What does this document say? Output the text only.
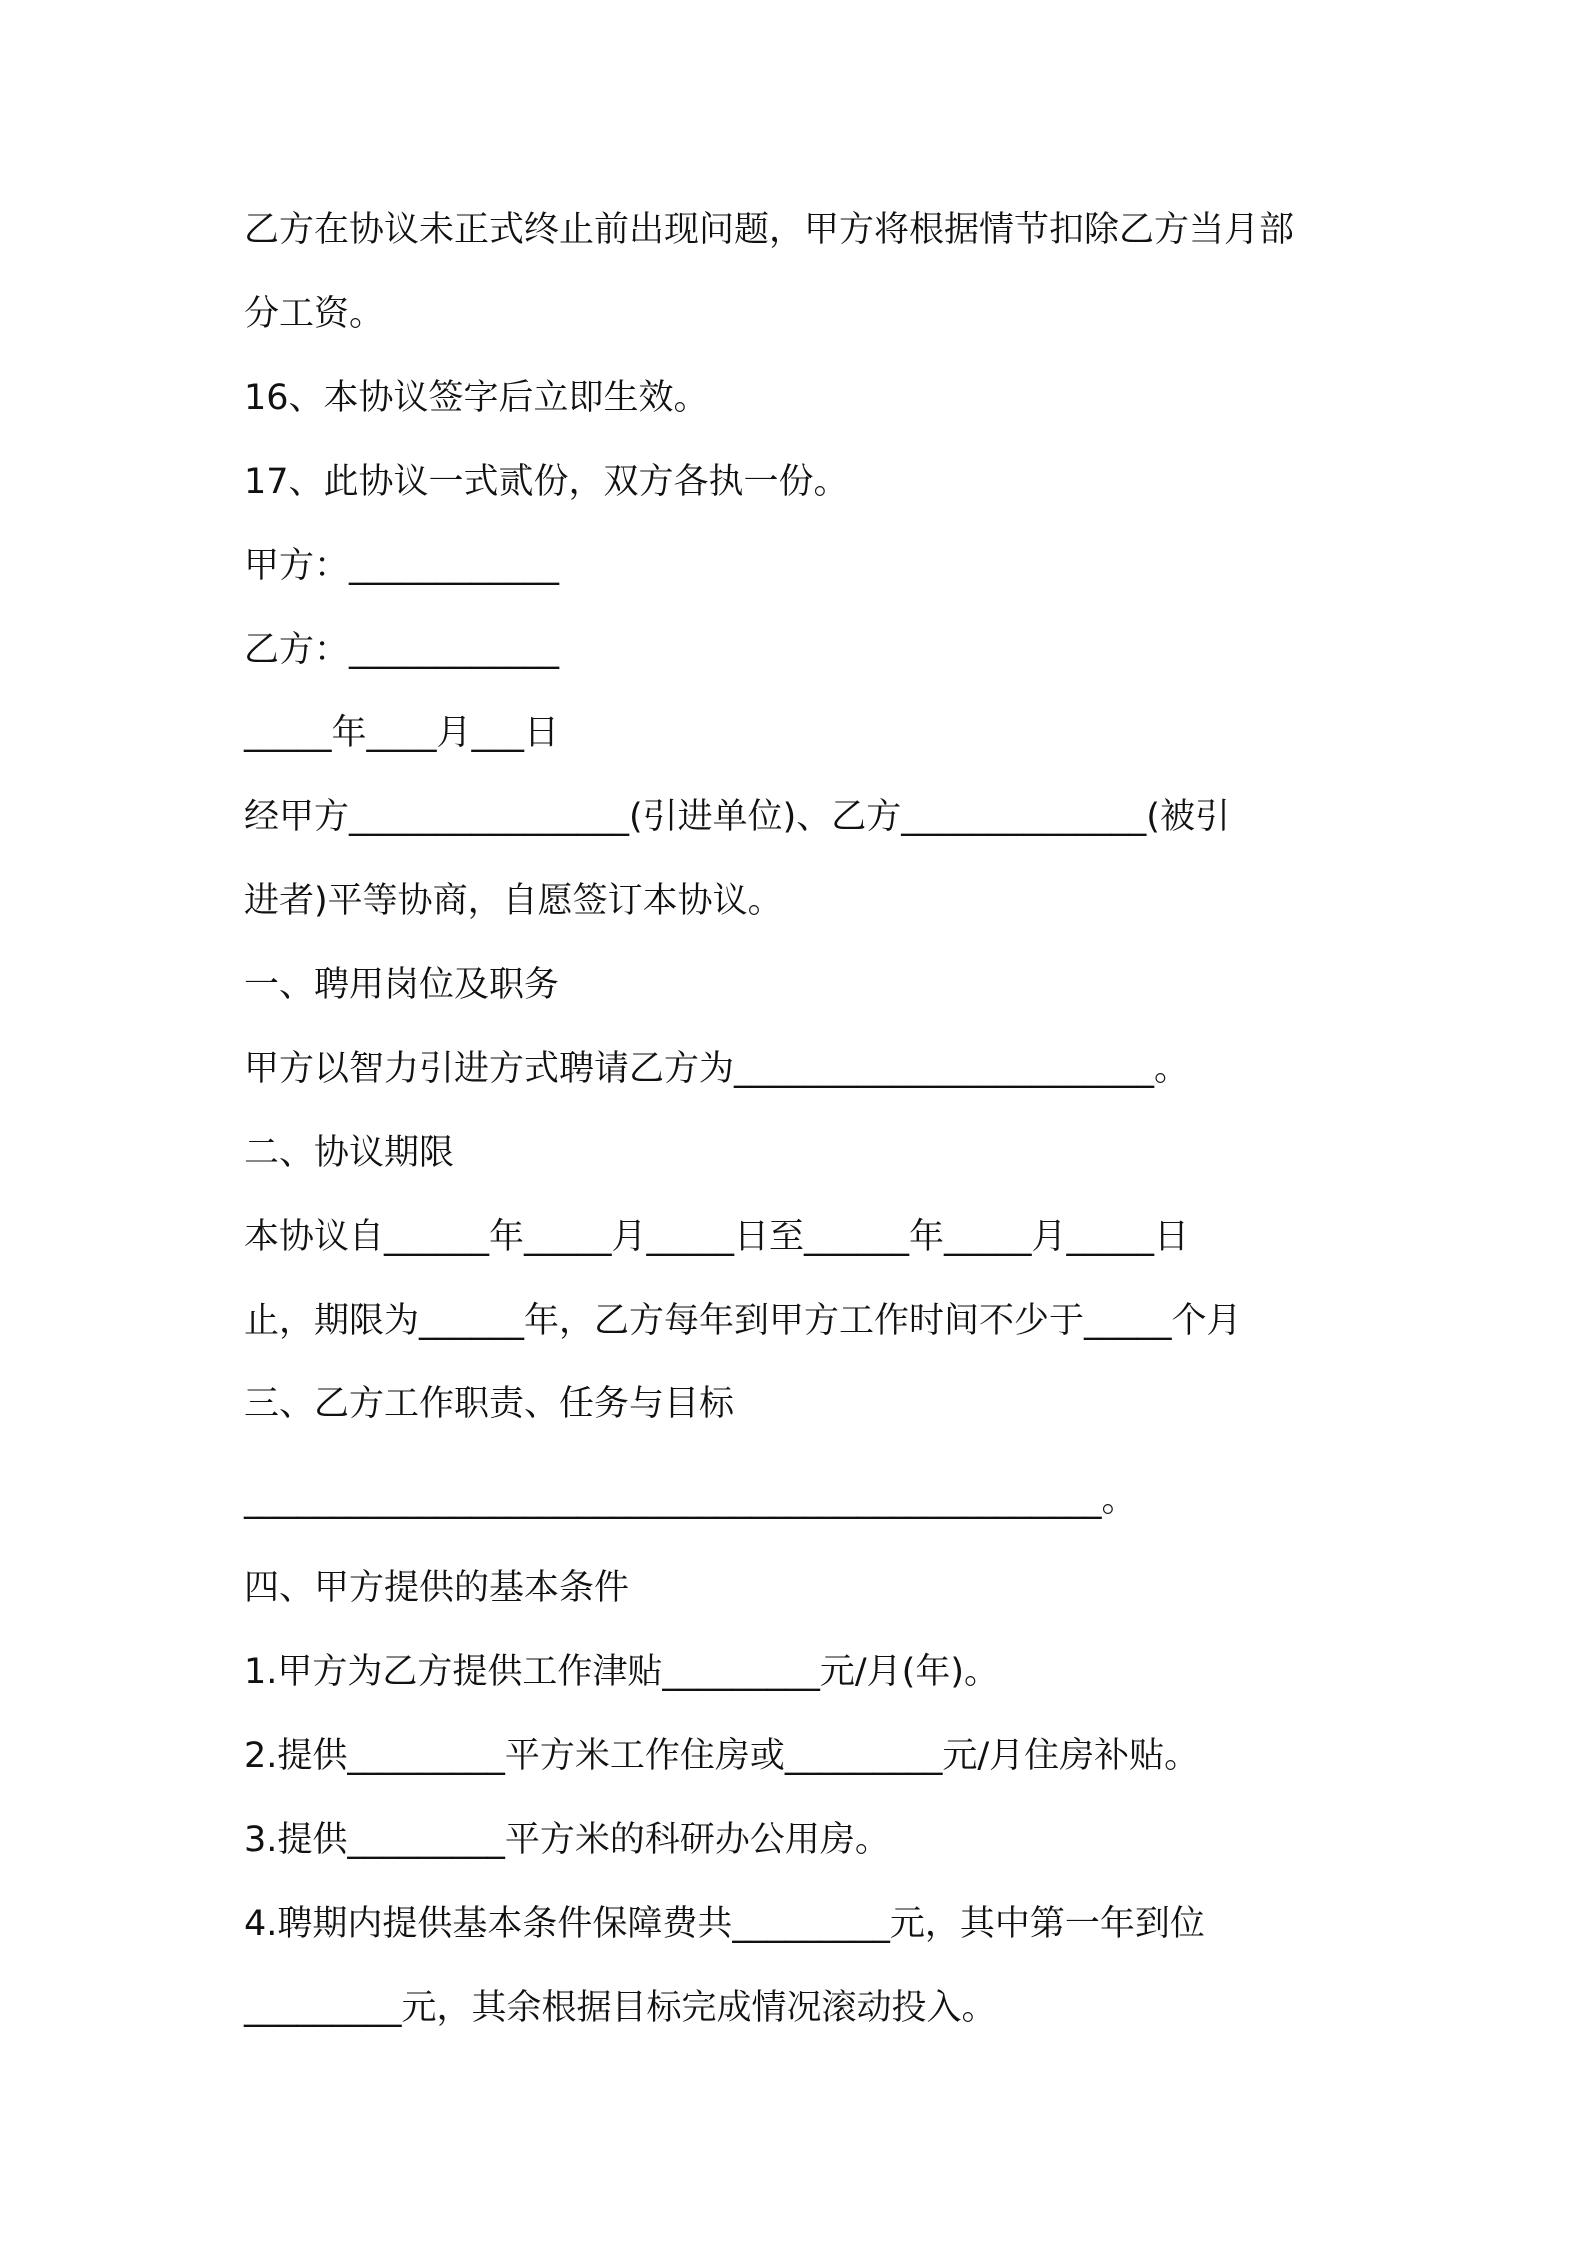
乙方在协议未正式终止前出现问题，甲方将根据情节扣除乙方当月部
分工资。
16、本协议签字后立即生效。
17、此协议一式贰份，双方各执一份。
甲方：____________
乙方：____________
_____年____月___日
经甲方________________(引进单位)、乙方______________(被引
进者)平等协商，自愿签订本协议。
一、聘用岗位及职务
甲方以智力引进方式聘请乙方为________________________。
二、协议期限
本协议自______年_____月_____日至______年_____月_____日
止，期限为______年，乙方每年到甲方工作时间不少于_____个月
三、乙方工作职责、任务与目标
_________________________________________________。
四、甲方提供的基本条件
1.甲方为乙方提供工作津贴_________元/月(年)。
2.提供_________平方米工作住房或_________元/月住房补贴。
3.提供_________平方米的科研办公用房。
4.聘期内提供基本条件保障费共_________元，其中第一年到位
_________元，其余根据目标完成情况滚动投入。
